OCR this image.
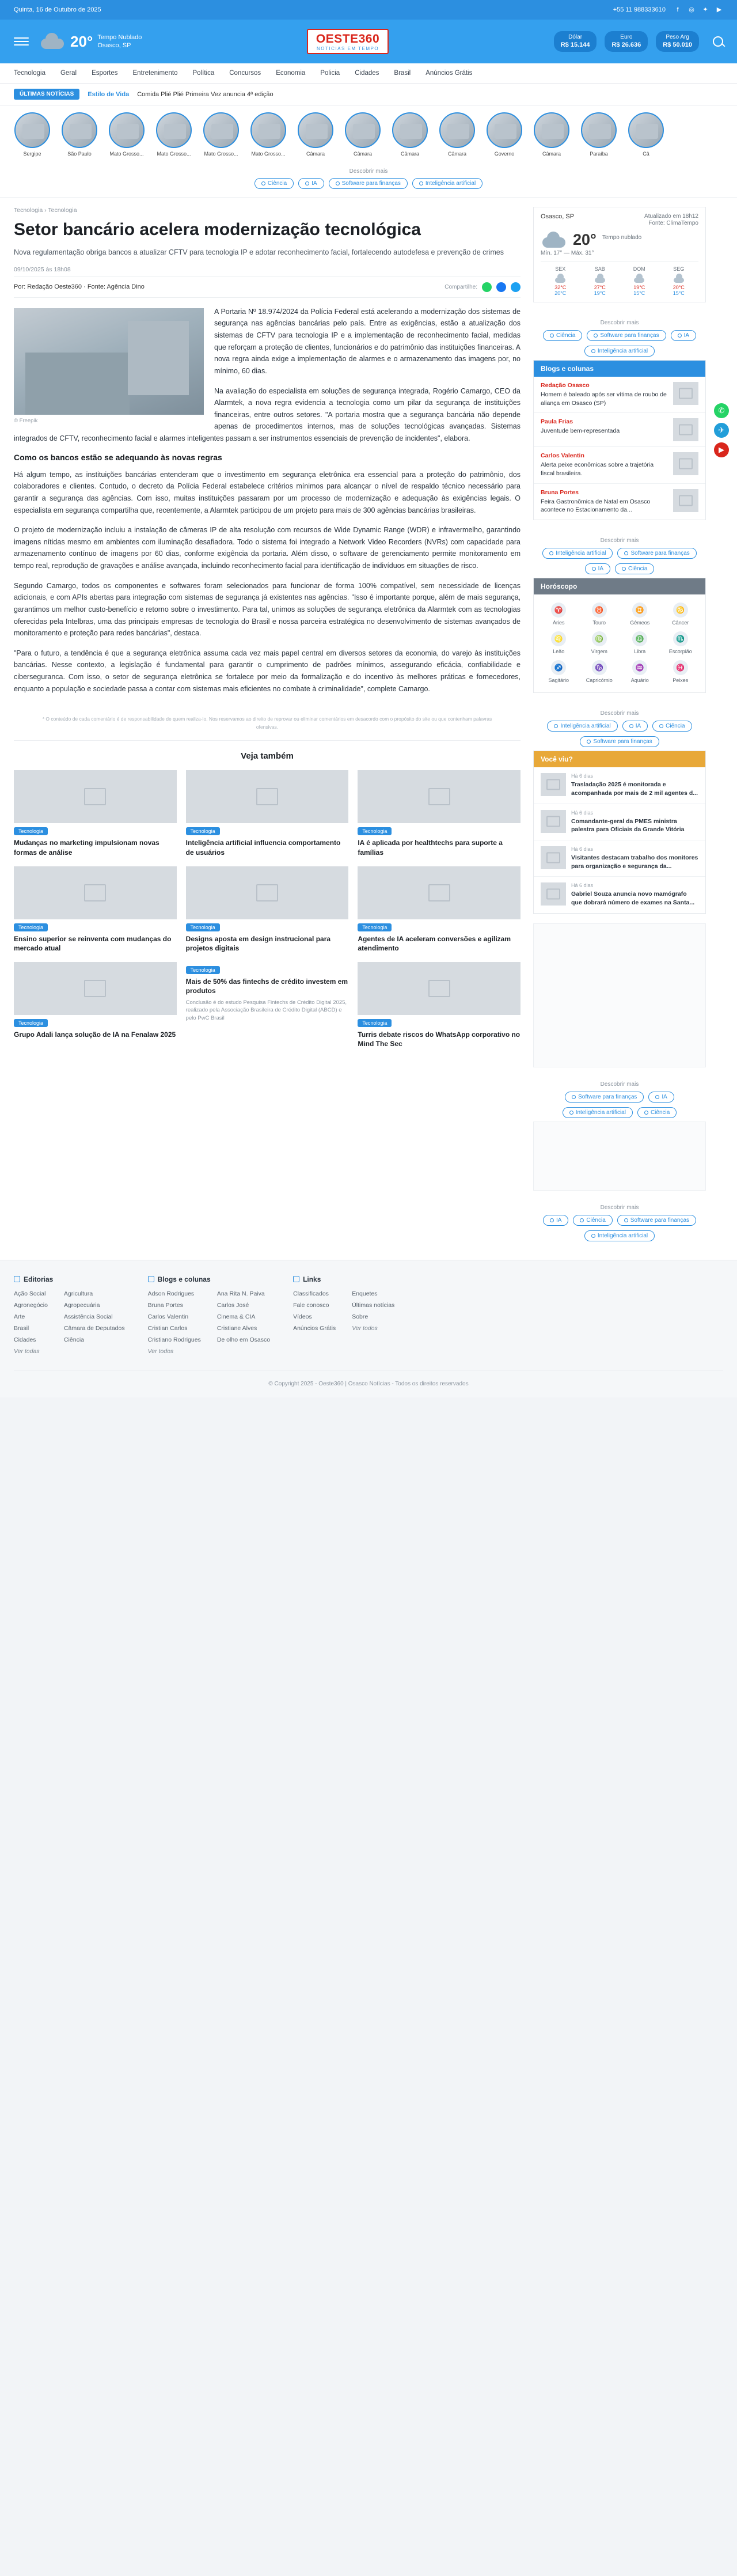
Quinta, 16 de Outubro de 2025	+55 11 988333610	f	◎ ✦ ▶
20° Tempo Nublado
Osasco, SP	OESTE360
NOTICIAS EM TEMPO
Dólar
R$ 15.144
Euro
R$ 26.636
Peso Arg
R$ 50.010
Tecnologia Geral Esportes Entretenimento Política Concursos Economia Policia Cidades Brasil Anúncios Grátis
ÚLTIMAS NOTÍCIAS	Estilo de Vida Comida Plié Plié Primeira Vez anuncia 4ª edição
Sergipe	São Paulo	Mato Grosso...	Mato Grosso...	Mato Grosso...	Mato Grosso...	Câmara	Câmara	Câmara	Câmara	Governo	Câmara	Paraíba	Câ
Descobrir mais
Ciência	IA	Software para finanças	Inteligência artificial
Tecnologia › Tecnologia
Setor bancário acelera modernização tecnológica
Nova regulamentação obriga bancos a atualizar CFTV para tecnologia IP e adotar reconhecimento facial, fortalecendo autodefesa e prevenção de crimes
09/10/2025 às 18h08
Por: Redação Oeste360 · Fonte: Agência Dino	Compartilhe:
© Freepik

A Portaria Nº 18.974/2024 da Polícia Federal está acelerando a modernização dos sistemas de segurança nas agências bancárias pelo país. Entre as exigências, estão a atualização dos sistemas de CFTV para tecnologia IP e a implementação de reconhecimento facial, medidas que reforçam a proteção de clientes, funcionários e do patrimônio das instituições financeiras. A nova regra ainda exige a implementação de alarmes e o armazenamento das imagens por, no mínimo, 60 dias.

Na avaliação do especialista em soluções de segurança integrada, Rogério Camargo, CEO da Alarmtek, a nova regra evidencia a tecnologia como um pilar da segurança de instituições financeiras, entre outros setores. "A portaria mostra que a segurança bancária não depende apenas de procedimentos internos, mas de soluções tecnológicas avançadas. Sistemas integrados de CFTV, reconhecimento facial e alarmes inteligentes passam a ser instrumentos essenciais de prevenção de incidentes", elabora.

Como os bancos estão se adequando às novas regras

Há algum tempo, as instituições bancárias entenderam que o investimento em segurança eletrônica era essencial para a proteção do patrimônio, dos colaboradores e clientes. Contudo, o decreto da Polícia Federal estabelece critérios mínimos para alcançar o nível de respaldo técnico necessário para garantir a segurança das agências. Com isso, muitas instituições passaram por um processo de modernização e adequação às exigências legais. O especialista em segurança compartilha que, recentemente, a Alarmtek participou de um projeto para mais de 300 agências bancárias brasileiras.

O projeto de modernização incluiu a instalação de câmeras IP de alta resolução com recursos de Wide Dynamic Range (WDR) e infravermelho, garantindo imagens nítidas mesmo em ambientes com iluminação desafiadora. Todo o sistema foi integrado a Network Video Recorders (NVRs) com capacidade para armazenamento contínuo de imagens por 60 dias, conforme exigência da portaria. Além disso, o software de gerenciamento permite monitoramento em tempo real, reprodução de gravações e análise avançada, incluindo reconhecimento facial para identificação de indivíduos em situações de risco.

Segundo Camargo, todos os componentes e softwares foram selecionados para funcionar de forma 100% compatível, sem necessidade de licenças adicionais, e com APIs abertas para integração com sistemas de segurança já existentes nas agências. "Isso é importante porque, além de mais segurança, garantimos um melhor custo-benefício e retorno sobre o investimento. Para tal, unimos as soluções de segurança eletrônica da Alarmtek com as tecnologias oferecidas pela Intelbras, uma das principais empresas de tecnologia do Brasil e nossa parceira estratégica no desenvolvimento de sistemas avançados de monitoramento e proteção para redes bancárias", destaca.

"Para o futuro, a tendência é que a segurança eletrônica assuma cada vez mais papel central em diversos setores da economia, do varejo às instituições bancárias. Nesse contexto, a legislação é fundamental para garantir o cumprimento de padrões mínimos, assegurando eficácia, confiabilidade e ciberseguranca. Com isso, o setor de segurança eletrônica se fortalece por meio da formalização e do incentivo às melhores práticas e fornecedores, enquanto a população e sociedade passa a contar com sistemas mais eficientes no combate à criminalidade", complete Camargo.

* O conteúdo de cada comentário é de responsabilidade de quem realiza-lo. Nos reservamos ao direito de reprovar ou eliminar comentários em desacordo com o propósito do site ou que contenham palavras ofensivas.
Veja também
Tecnologia
Mudanças no marketing impulsionam novas formas de análise
Tecnologia
Inteligência artificial influencia comportamento de usuários
Tecnologia
IA é aplicada por healthtechs para suporte a famílias
Tecnologia
Ensino superior se reinventa com mudanças do mercado atual
Tecnologia
Designs aposta em design instrucional para projetos digitais
Tecnologia
Agentes de IA aceleram conversões e agilizam atendimento
Tecnologia
Grupo Adali lança solução de IA na Fenalaw 2025
Tecnologia
Mais de 50% das fintechs de crédito investem em produtos
Conclusão é do estudo Pesquisa Fintechs de Crédito Digital 2025, realizado pela Associação Brasileira de Crédito Digital (ABCD) e pelo PwC Brasil
Tecnologia
Turris debate riscos do WhatsApp corporativo no Mind The Sec
Osasco, SP	Atualizado em 18h12
Fonte: ClimaTempo
20° Tempo nublado
Mín. 17° — Máx. 31°
SEX
32°C
20°C
SAB
27°C
19°C
DOM
19°C
15°C
SEG
20°C
15°C
Descobrir mais
Ciência	Software para finanças	IA
Inteligência artificial
Blogs e colunas
Redação Osasco
Homem é baleado após ser vítima de roubo de aliança em Osasco (SP)
Paula Frias
Juventude bem-representada
Carlos Valentin
Alerta peixe econômicas sobre a trajetória fiscal brasileira.
Bruna Portes
Feira Gastronômica de Natal em Osasco acontece no Estacionamento da...
Descobrir mais
Inteligência artificial	Software para finanças
IA	Ciência
Horóscopo
♈
Áries
♉
Touro
♊
Gêmeos
♋
Câncer
♌
Leão
♍
Virgem
♎
Libra
♏
Escorpião
♐
Sagitário
♑
Capricórnio
♒
Aquário
♓
Peixes
Descobrir mais
Inteligência artificial	IA	Ciência
Software para finanças
Você viu?
Há 6 dias
Trasladação 2025 é monitorada e acompanhada por mais de 2 mil agentes d...
Há 6 dias
Comandante-geral da PMES ministra palestra para Oficiais da Grande Vitória
Há 6 dias
Visitantes destacam trabalho dos monitores para organização e segurança da...
Há 6 dias
Gabriel Souza anuncia novo mamógrafo que dobrará número de exames na Santa...
Descobrir mais
Software para finanças	IA
Inteligência artificial	Ciência
Descobrir mais
IA	Ciência	Software para finanças
Inteligência artificial
✆
✈
▶
Editorias
Ação Social
Agronegócio
Arte
Brasil
Cidades
Ver todas
Agricultura
Agropecuária
Assistência Social
Câmara de Deputados
Ciência
Blogs e colunas
Adson Rodrigues
Bruna Portes
Carlos Valentin
Cristian Carlos
Cristiano Rodrigues
Ver todos
Ana Rita N. Paiva
Carlos José
Cinema & CIA
Cristiane Alves
De olho em Osasco
Links
Classificados
Fale conosco
Vídeos
Anúncios Grátis
Enquetes
Últimas notícias
Sobre
Ver todos
© Copyright 2025 - Oeste360 | Osasco Notícias - Todos os direitos reservados
